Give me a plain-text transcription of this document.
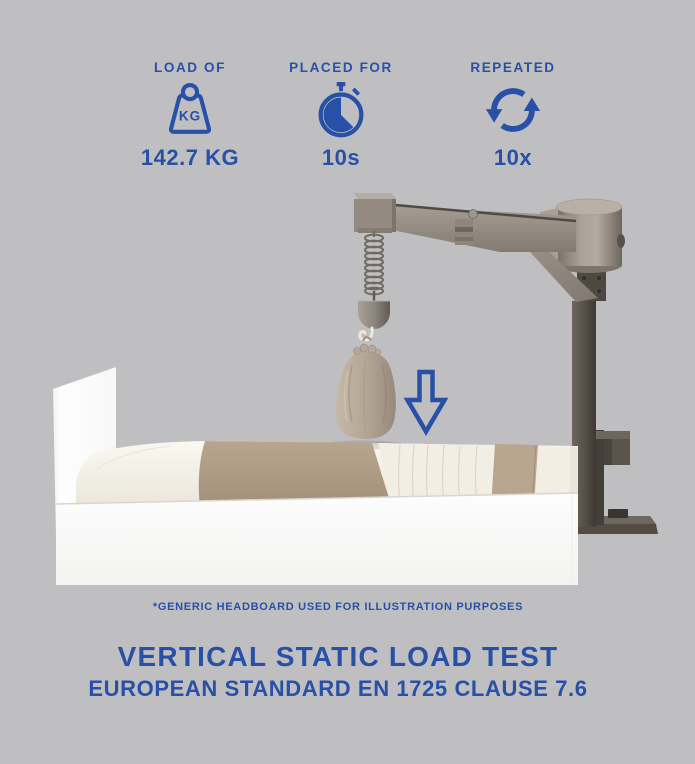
LOAD OF
KG
142.7 KG
PLACED FOR
10s
REPEATED
10x
*GENERIC HEADBOARD USED FOR ILLUSTRATION PURPOSES
VERTICAL STATIC LOAD TEST
EUROPEAN STANDARD EN 1725 CLAUSE 7.6
